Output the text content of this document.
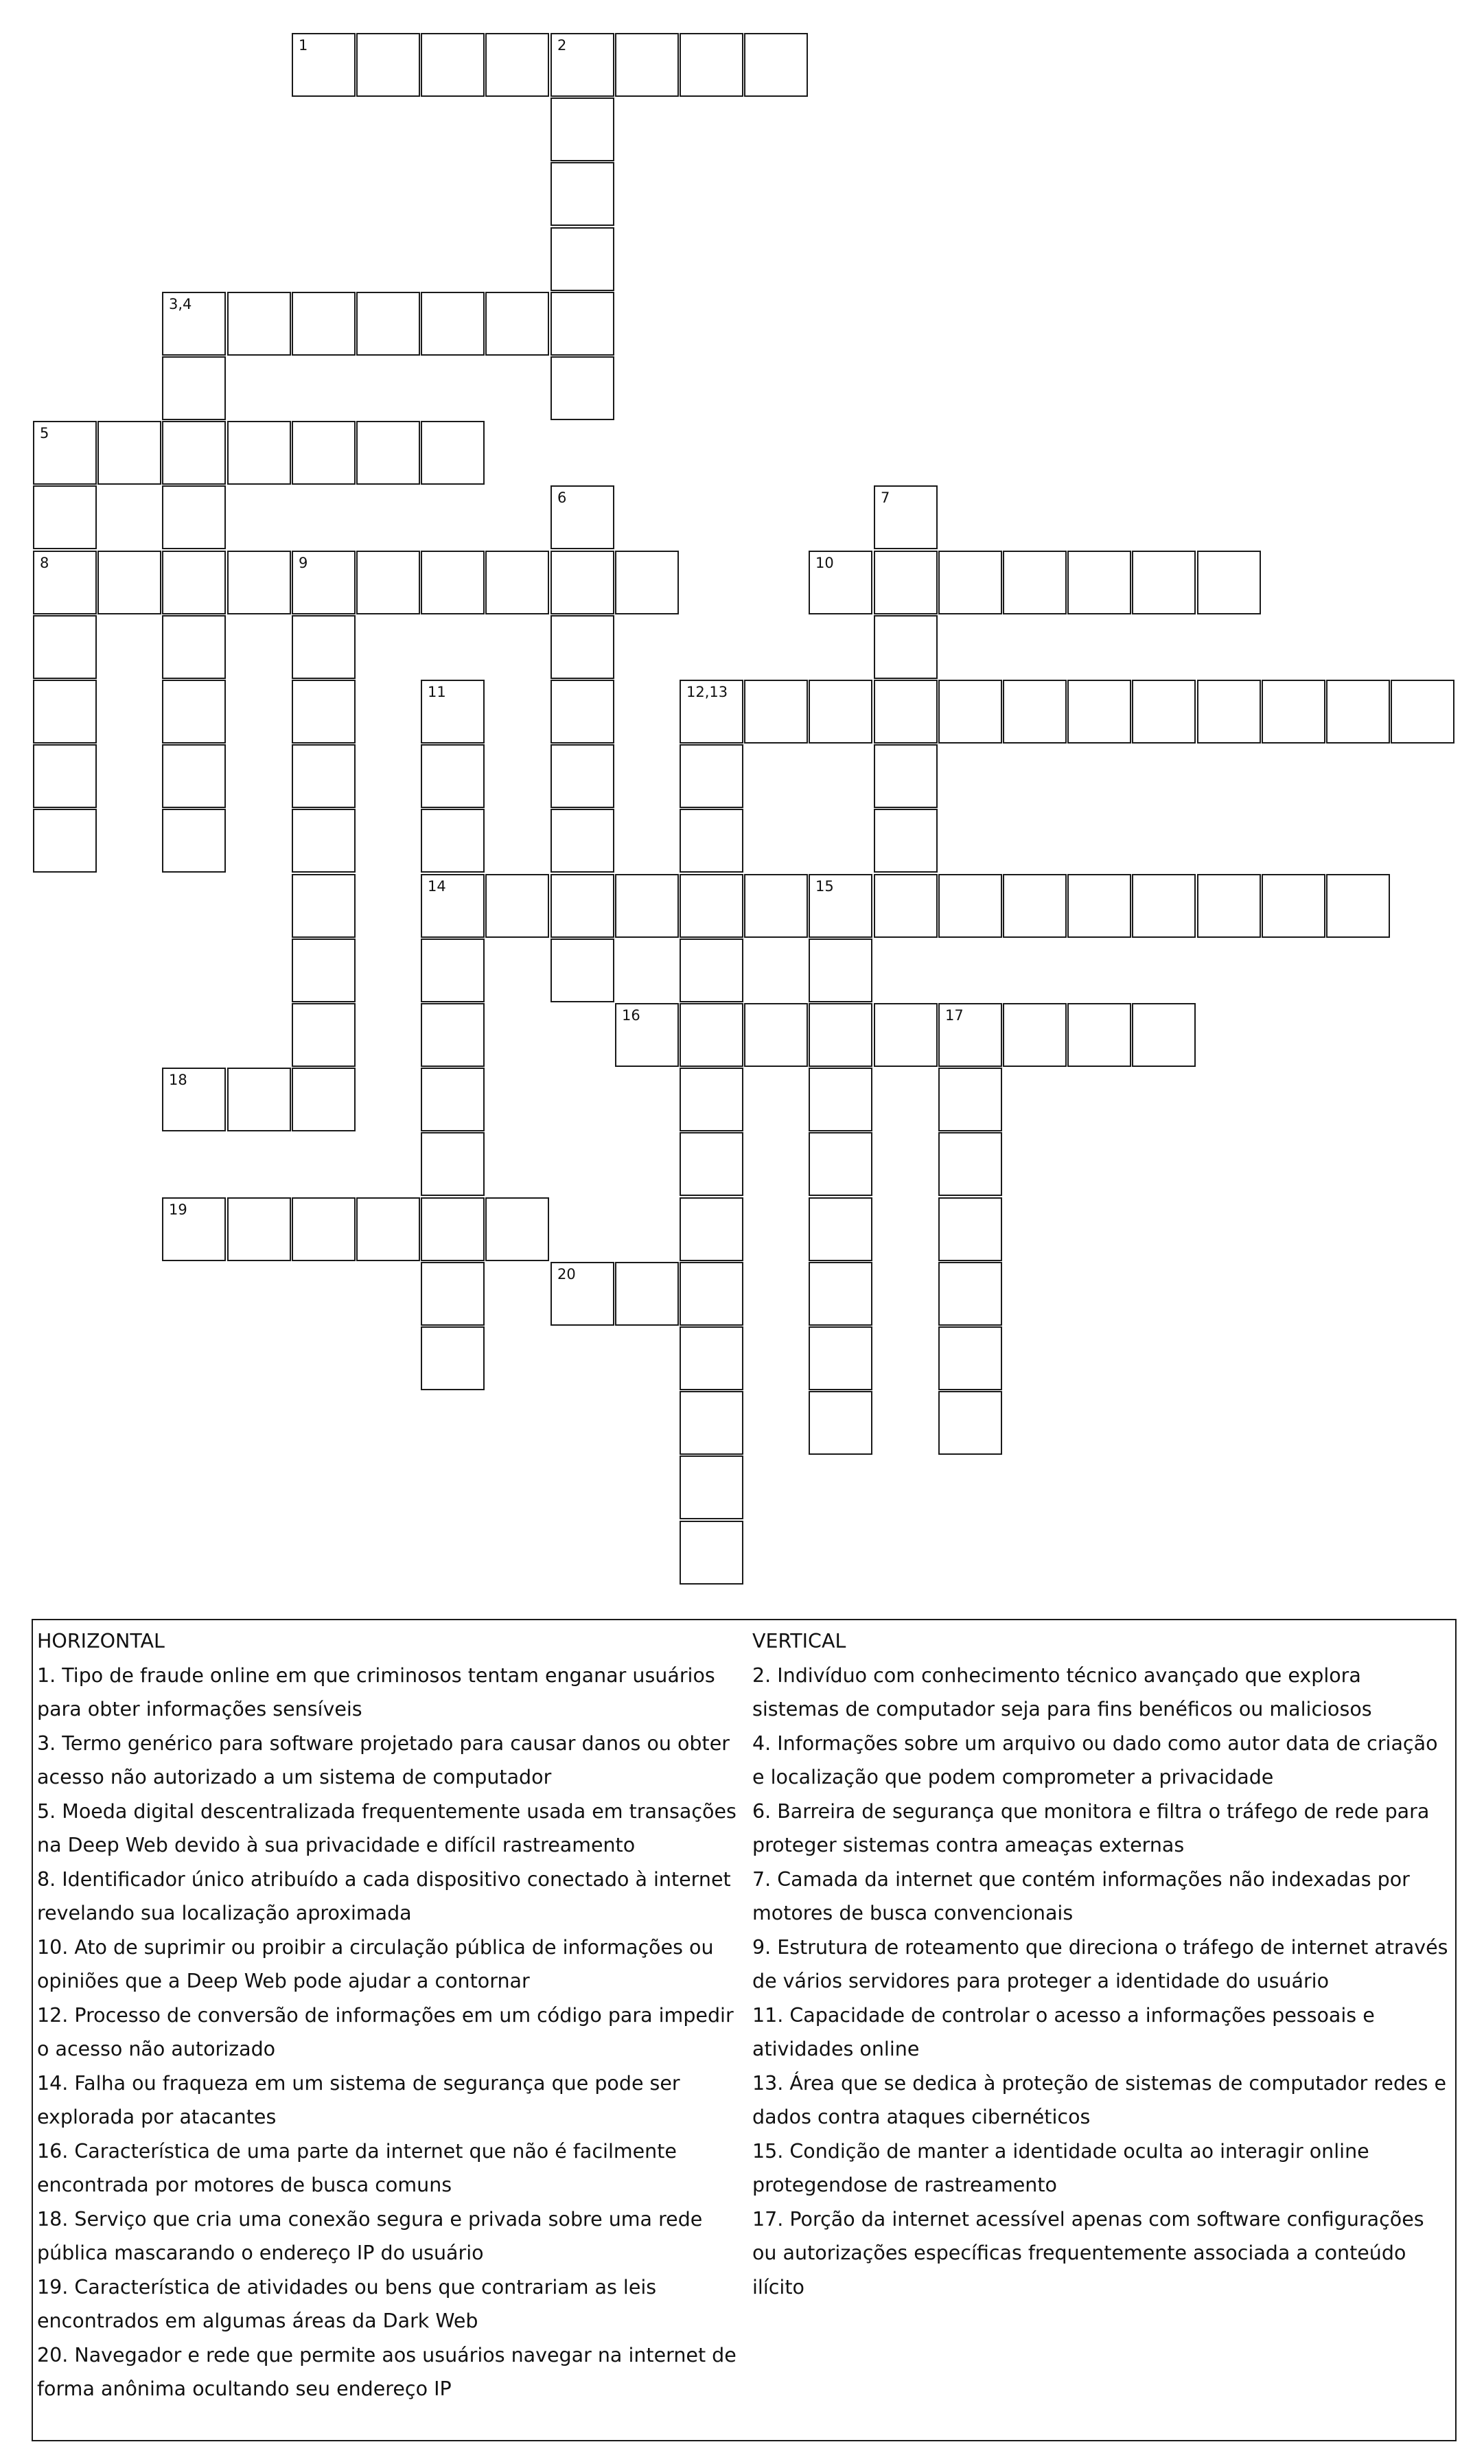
1	2
3,4
5
8
6	7
9	10
11
14
12,13
15
16	17
18
19
20
HORIZONTAL
1. Tipo de fraude online em que criminosos tentam enganar usuários para obter informações sensíveis
3. Termo genérico para software projetado para causar danos ou obter acesso não autorizado a um sistema de computador
5. Moeda digital descentralizada frequentemente usada em transações na Deep Web devido à sua privacidade e difícil rastreamento
8. Identificador único atribuído a cada dispositivo conectado à internet revelando sua localização aproximada
10. Ato de suprimir ou proibir a circulação pública de informações ou opiniões que a Deep Web pode ajudar a contornar
12. Processo de conversão de informações em um código para impedir o acesso não autorizado
14. Falha ou fraqueza em um sistema de segurança que pode ser explorada por atacantes
16. Característica de uma parte da internet que não é facilmente encontrada por motores de busca comuns
18. Serviço que cria uma conexão segura e privada sobre uma rede pública mascarando o endereço IP do usuário
19. Característica de atividades ou bens que contrariam as leis encontrados em algumas áreas da Dark Web
20. Navegador e rede que permite aos usuários navegar na internet de forma anônima ocultando seu endereço IP
VERTICAL
2. Indivíduo com conhecimento técnico avançado que explora sistemas de computador seja para fins benéficos ou maliciosos
4. Informações sobre um arquivo ou dado como autor data de criação e localização que podem comprometer a privacidade
6. Barreira de segurança que monitora e filtra o tráfego de rede para proteger sistemas contra ameaças externas
7. Camada da internet que contém informações não indexadas por motores de busca convencionais
9. Estrutura de roteamento que direciona o tráfego de internet através de vários servidores para proteger a identidade do usuário
11. Capacidade de controlar o acesso a informações pessoais e atividades online
13. Área que se dedica à proteção de sistemas de computador redes e dados contra ataques cibernéticos
15. Condição de manter a identidade oculta ao interagir online protegendose de rastreamento
17. Porção da internet acessível apenas com software configurações ou autorizações específicas frequentemente associada a conteúdo ilícito
